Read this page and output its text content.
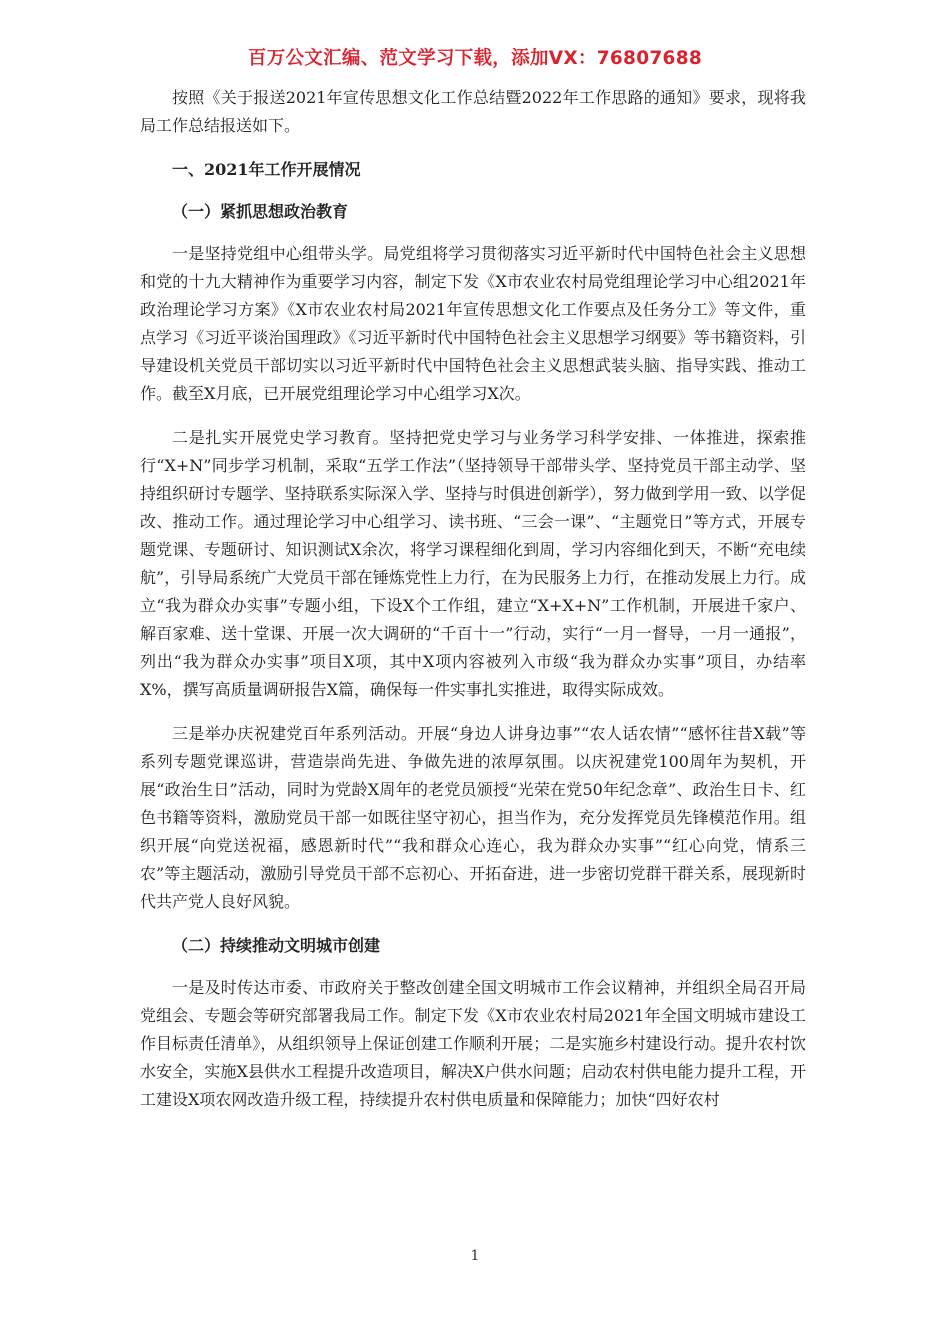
百万公文汇编、范文学习下载，添加VX：76807688

按照《关于报送2021年宣传思想文化工作总结暨2022年工作思路的通知》要求，现将我局工作总结报送如下。

一、2021年工作开展情况

（一）紧抓思想政治教育

一是坚持党组中心组带头学。局党组将学习贯彻落实习近平新时代中国特色社会主义思想和党的十九大精神作为重要学习内容，制定下发《X市农业农村局党组理论学习中心组2021年政治理论学习方案》《X市农业农村局2021年宣传思想文化工作要点及任务分工》等文件，重点学习《习近平谈治国理政》《习近平新时代中国特色社会主义思想学习纲要》等书籍资料，引导建设机关党员干部切实以习近平新时代中国特色社会主义思想武装头脑、指导实践、推动工作。截至X月底，已开展党组理论学习中心组学习X次。

二是扎实开展党史学习教育。坚持把党史学习与业务学习科学安排、一体推进，探索推行“X+N”同步学习机制，采取“五学工作法”（坚持领导干部带头学、坚持党员干部主动学、坚持组织研讨专题学、坚持联系实际深入学、坚持与时俱进创新学），努力做到学用一致、以学促改、推动工作。通过理论学习中心组学习、读书班、“三会一课”、“主题党日”等方式，开展专题党课、专题研讨、知识测试X余次，将学习课程细化到周，学习内容细化到天，不断“充电续航”，引导局系统广大党员干部在锤炼党性上力行，在为民服务上力行，在推动发展上力行。成立“我为群众办实事”专题小组，下设X个工作组，建立“X+X+N”工作机制，开展进千家户、解百家难、送十堂课、开展一次大调研的“千百十一”行动，实行“一月一督导，一月一通报”，列出“我为群众办实事”项目X项，其中X项内容被列入市级“我为群众办实事”项目，办结率X%，撰写高质量调研报告X篇，确保每一件实事扎实推进，取得实际成效。

三是举办庆祝建党百年系列活动。开展“身边人讲身边事”“农人话农情”“感怀往昔X载”等系列专题党课巡讲，营造崇尚先进、争做先进的浓厚氛围。以庆祝建党100周年为契机，开展“政治生日”活动，同时为党龄X周年的老党员颁授“光荣在党50年纪念章”、政治生日卡、红色书籍等资料，激励党员干部一如既往坚守初心，担当作为，充分发挥党员先锋模范作用。组织开展“向党送祝福，感恩新时代”“我和群众心连心，我为群众办实事”“红心向党，情系三农”等主题活动，激励引导党员干部不忘初心、开拓奋进，进一步密切党群干群关系，展现新时代共产党人良好风貌。

（二）持续推动文明城市创建

一是及时传达市委、市政府关于整改创建全国文明城市工作会议精神，并组织全局召开局党组会、专题会等研究部署我局工作。制定下发《X市农业农村局2021年全国文明城市建设工作目标责任清单》，从组织领导上保证创建工作顺利开展；二是实施乡村建设行动。提升农村饮水安全，实施X县供水工程提升改造项目，解决X户供水问题；启动农村供电能力提升工程，开工建设X项农网改造升级工程，持续提升农村供电质量和保障能力；加快“四好农村

1
